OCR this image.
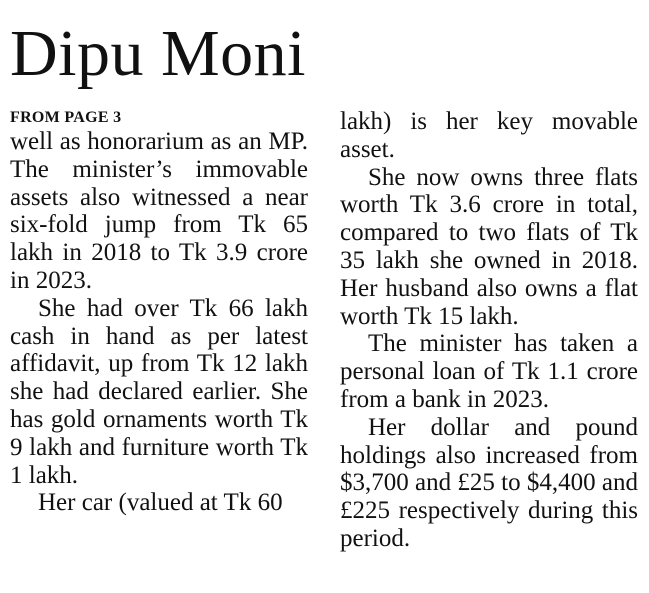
Dipu Moni

FROM PAGE 3

well as honorarium as an MP. The minister’s immovable assets also witnessed a near six-fold jump from Tk 65 lakh in 2018 to Tk 3.9 crore in 2023.

She had over Tk 66 lakh cash in hand as per latest affidavit, up from Tk 12 lakh she had declared earlier. She has gold ornaments worth Tk 9 lakh and furniture worth Tk 1 lakh.

Her car (valued at Tk 60

lakh) is her key movable asset.

She now owns three flats worth Tk 3.6 crore in total, compared to two flats of Tk 35 lakh she owned in 2018. Her husband also owns a flat worth Tk 15 lakh.

The minister has taken a personal loan of Tk 1.1 crore from a bank in 2023.

Her dollar and pound holdings also increased from $3,700 and £25 to $4,400 and £225 respectively during this period.
